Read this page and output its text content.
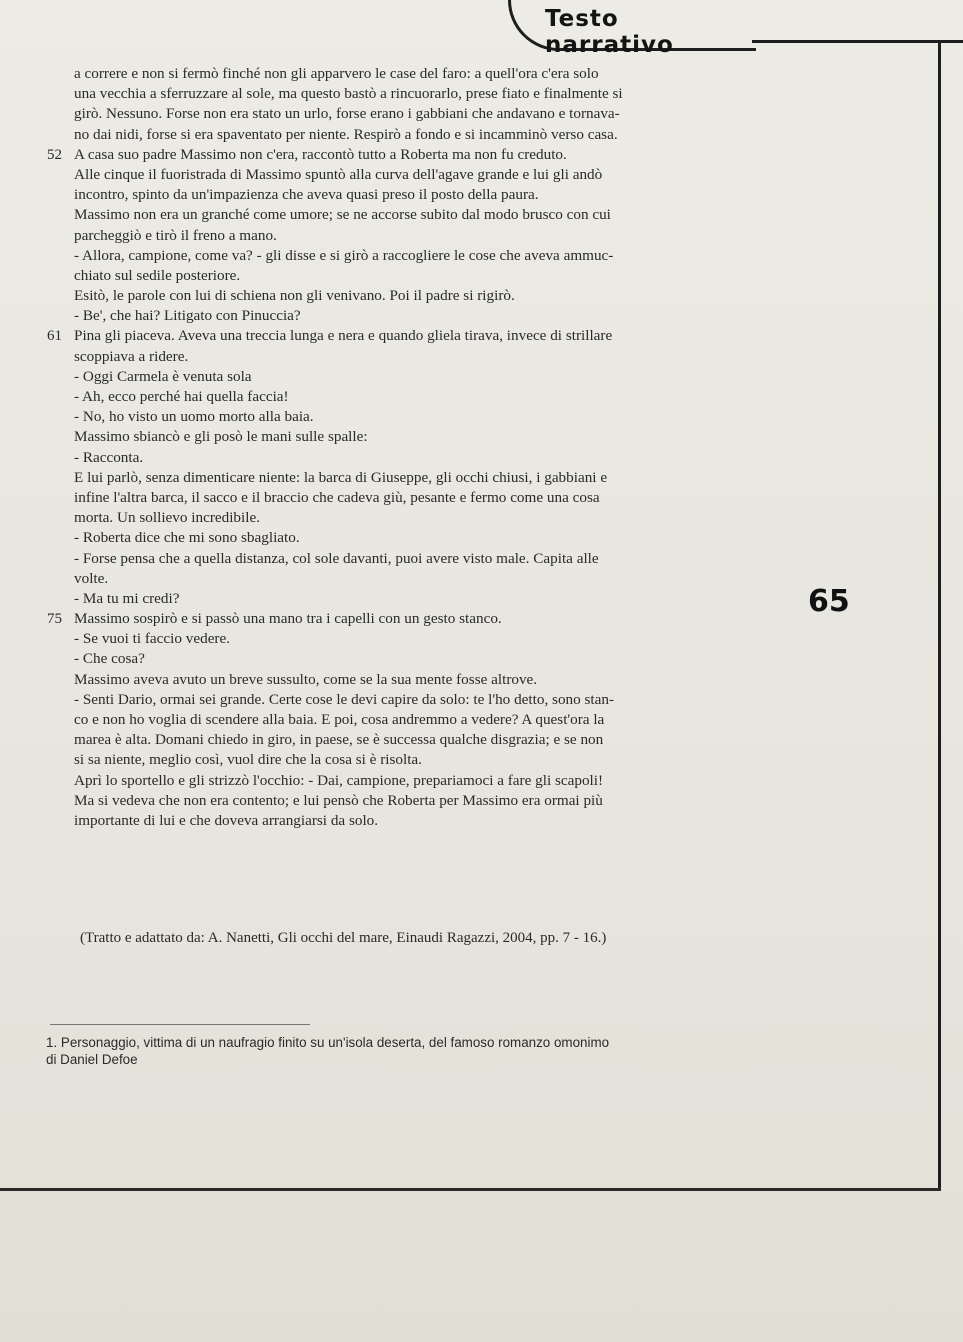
Testo narrativo
65
a correre e non si fermò finché non gli apparvero le case del faro: a quell'ora c'era solo
una vecchia a sferruzzare al sole, ma questo bastò a rincuorarlo, prese fiato e finalmente si
girò. Nessuno. Forse non era stato un urlo, forse erano i gabbiani che andavano e tornava-
no dai nidi, forse si era spaventato per niente. Respirò a fondo e si incamminò verso casa.
52 A casa suo padre Massimo non c'era, raccontò tutto a Roberta ma non fu creduto.
Alle cinque il fuoristrada di Massimo spuntò alla curva dell'agave grande e lui gli andò
incontro, spinto da un'impazienza che aveva quasi preso il posto della paura.
Massimo non era un granché come umore; se ne accorse subito dal modo brusco con cui
parcheggiò e tirò il freno a mano.
- Allora, campione, come va? - gli disse e si girò a raccogliere le cose che aveva ammuc-
chiato sul sedile posteriore.
Esitò, le parole con lui di schiena non gli venivano. Poi il padre si rigirò.
- Be', che hai? Litigato con Pinuccia?
61 Pina gli piaceva. Aveva una treccia lunga e nera e quando gliela tirava, invece di strillare
scoppiava a ridere.
- Oggi Carmela è venuta sola
- Ah, ecco perché hai quella faccia!
- No, ho visto un uomo morto alla baia.
Massimo sbiancò e gli posò le mani sulle spalle:
- Racconta.
E lui parlò, senza dimenticare niente: la barca di Giuseppe, gli occhi chiusi, i gabbiani e
infine l'altra barca, il sacco e il braccio che cadeva giù, pesante e fermo come una cosa
morta. Un sollievo incredibile.
- Roberta dice che mi sono sbagliato.
- Forse pensa che a quella distanza, col sole davanti, puoi avere visto male. Capita alle
volte.
- Ma tu mi credi?
75 Massimo sospirò e si passò una mano tra i capelli con un gesto stanco.
- Se vuoi ti faccio vedere.
- Che cosa?
Massimo aveva avuto un breve sussulto, come se la sua mente fosse altrove.
- Senti Dario, ormai sei grande. Certe cose le devi capire da solo: te l'ho detto, sono stan-
co e non ho voglia di scendere alla baia. E poi, cosa andremmo a vedere? A quest'ora la
marea è alta. Domani chiedo in giro, in paese, se è successa qualche disgrazia; e se non
si sa niente, meglio così, vuol dire che la cosa si è risolta.
Aprì lo sportello e gli strizzò l'occhio: - Dai, campione, prepariamoci a fare gli scapoli!
Ma si vedeva che non era contento; e lui pensò che Roberta per Massimo era ormai più
importante di lui e che doveva arrangiarsi da solo.
(Tratto e adattato da: A. Nanetti, Gli occhi del mare, Einaudi Ragazzi, 2004, pp. 7 - 16.)
1. Personaggio, vittima di un naufragio finito su un'isola deserta, del famoso romanzo omonimo
di Daniel Defoe
